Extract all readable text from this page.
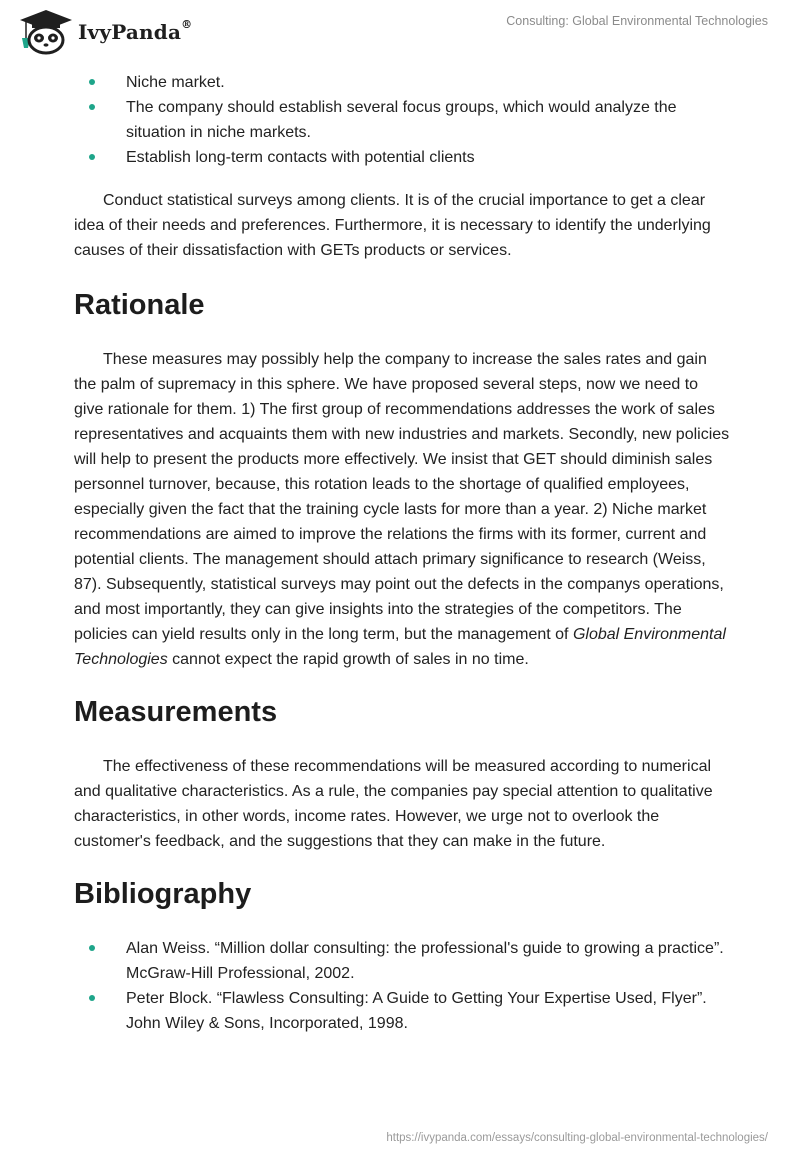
IvyPanda®	Consulting: Global Environmental Technologies
Niche market.
The company should establish several focus groups, which would analyze the situation in niche markets.
Establish long-term contacts with potential clients

Conduct statistical surveys among clients. It is of the crucial importance to get a clear idea of their needs and preferences. Furthermore, it is necessary to identify the underlying causes of their dissatisfaction with GETs products or services.

Rationale

These measures may possibly help the company to increase the sales rates and gain the palm of supremacy in this sphere. We have proposed several steps, now we need to give rationale for them. 1) The first group of recommendations addresses the work of sales representatives and acquaints them with new industries and markets. Secondly, new policies will help to present the products more effectively. We insist that GET should diminish sales personnel turnover, because, this rotation leads to the shortage of qualified employees, especially given the fact that the training cycle lasts for more than a year. 2) Niche market recommendations are aimed to improve the relations the firms with its former, current and potential clients. The management should attach primary significance to research (Weiss, 87). Subsequently, statistical surveys may point out the defects in the companys operations, and most importantly, they can give insights into the strategies of the competitors. The policies can yield results only in the long term, but the management of Global Environmental Technologies cannot expect the rapid growth of sales in no time.

Measurements

The effectiveness of these recommendations will be measured according to numerical and qualitative characteristics. As a rule, the companies pay special attention to qualitative characteristics, in other words, income rates. However, we urge not to overlook the customer's feedback, and the suggestions that they can make in the future.

Bibliography
Alan Weiss. “Million dollar consulting: the professional's guide to growing a practice”. McGraw-Hill Professional, 2002.
Peter Block. “Flawless Consulting: A Guide to Getting Your Expertise Used, Flyer”. John Wiley & Sons, Incorporated, 1998.
https://ivypanda.com/essays/consulting-global-environmental-technologies/
